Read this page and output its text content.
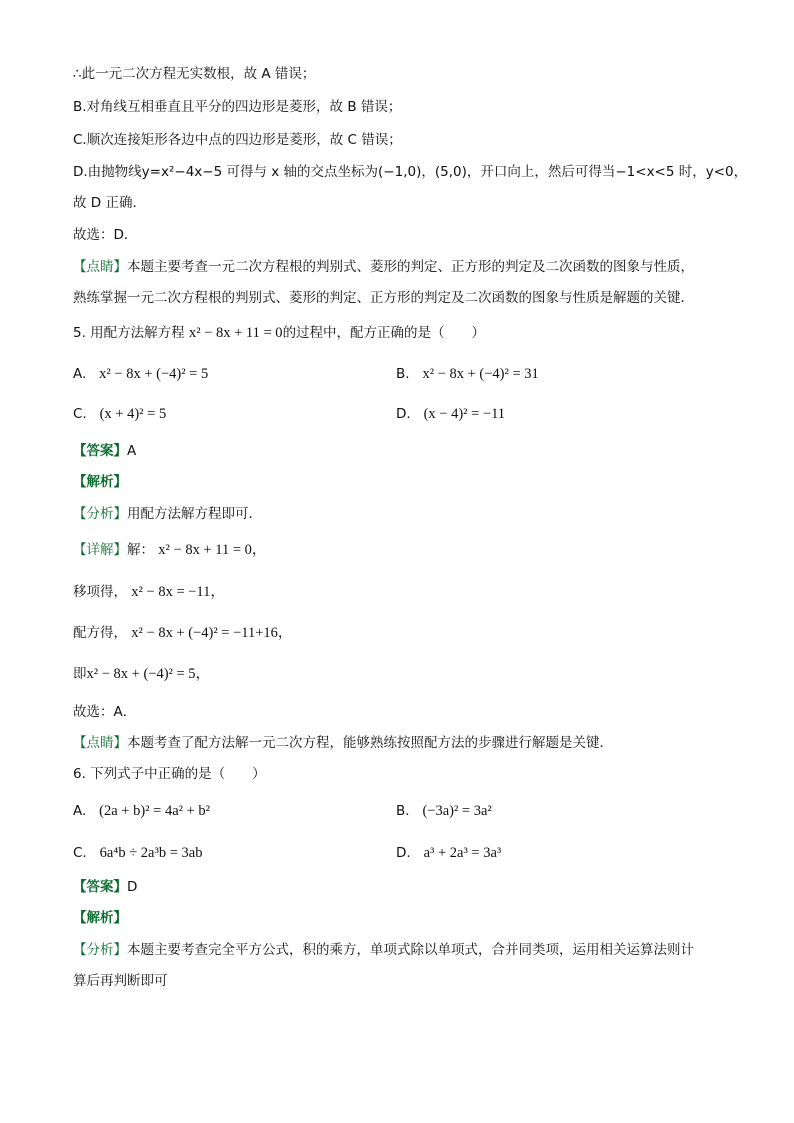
∴此一元二次方程无实数根，故 A 错误；
B.对角线互相垂直且平分的四边形是菱形，故 B 错误；
C.顺次连接矩形各边中点的四边形是菱形，故 C 错误；
D.由抛物线y=x²−4x−5 可得与 x 轴的交点坐标为(−1,0)，(5,0)，开口向上，然后可得当−1<x<5 时，y<0，
故 D 正确．
故选：D．
【点睛】本题主要考查一元二次方程根的判别式、菱形的判定、正方形的判定及二次函数的图象与性质，
熟练掌握一元二次方程根的判别式、菱形的判定、正方形的判定及二次函数的图象与性质是解题的关键．
5. 用配方法解方程 x² − 8x + 11 = 0的过程中，配方正确的是（　　）
A. x² − 8x + (−4)² = 5	B. x² − 8x + (−4)² = 31
C. (x + 4)² = 5	D. (x − 4)² = −11
【答案】A
【解析】
【分析】用配方法解方程即可．
【详解】解： x² − 8x + 11 = 0，
移项得， x² − 8x = −11，
配方得， x² − 8x + (−4)² = −11+16，
即x² − 8x + (−4)² = 5，
故选：A．
【点睛】本题考查了配方法解一元二次方程，能够熟练按照配方法的步骤进行解题是关键．
6. 下列式子中正确的是（　　）
A. (2a + b)² = 4a² + b²	B. (−3a)² = 3a²
C. 6a⁴b ÷ 2a³b = 3ab	D. a³ + 2a³ = 3a³
【答案】D
【解析】
【分析】本题主要考查完全平方公式，积的乘方，单项式除以单项式，合并同类项，运用相关运算法则计
算后再判断即可
